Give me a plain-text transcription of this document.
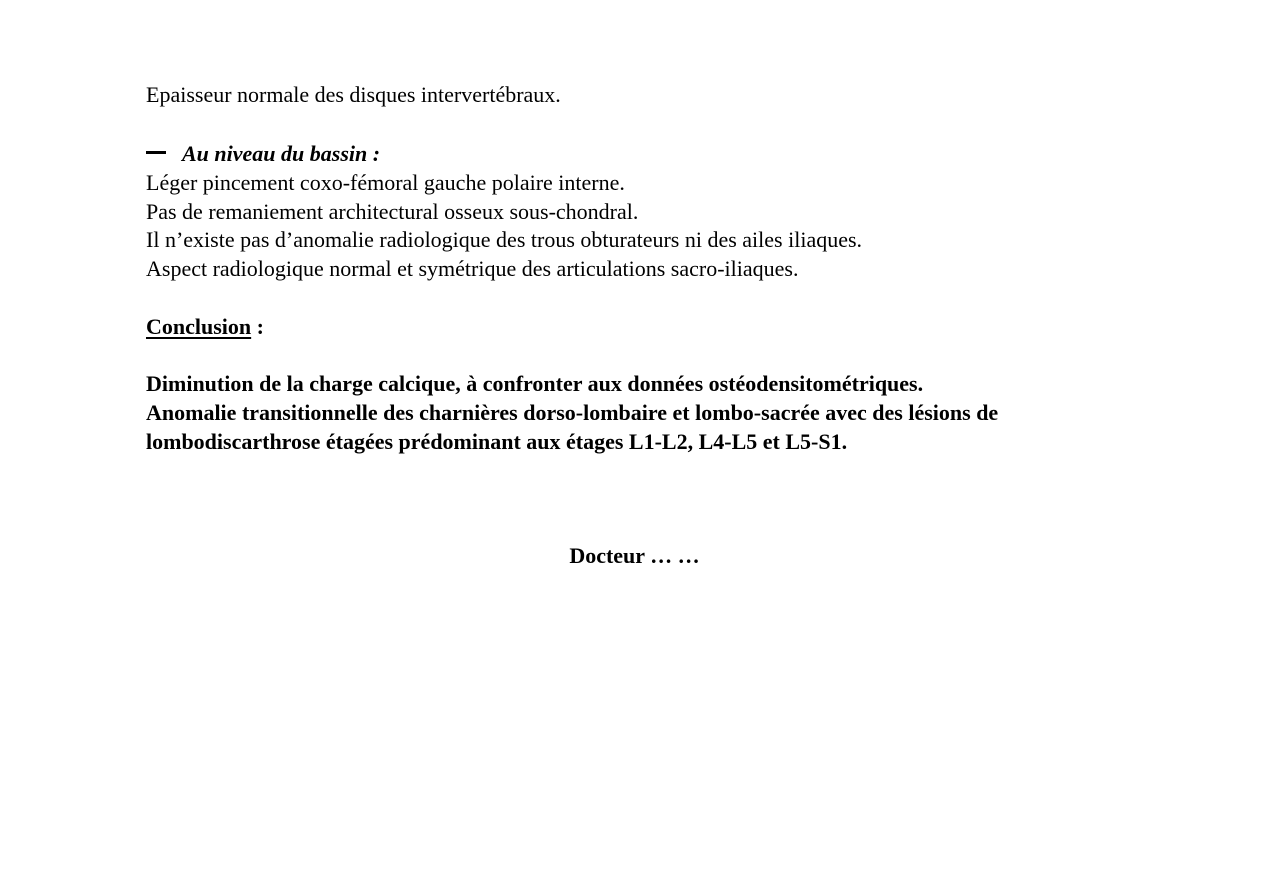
Epaisseur normale des disques intervertébraux.
Au niveau du bassin :
Léger pincement coxo-fémoral gauche polaire interne.
Pas de remaniement architectural osseux sous-chondral.
Il n’existe pas d’anomalie radiologique des trous obturateurs ni des ailes iliaques.
Aspect radiologique normal et symétrique des articulations sacro-iliaques.
Conclusion :
Diminution de la charge calcique, à confronter aux données ostéodensitométriques.
Anomalie transitionnelle des charnières dorso-lombaire et lombo-sacrée avec des lésions de
lombodiscarthrose étagées prédominant aux étages L1-L2, L4-L5 et L5-S1.
Docteur … …
